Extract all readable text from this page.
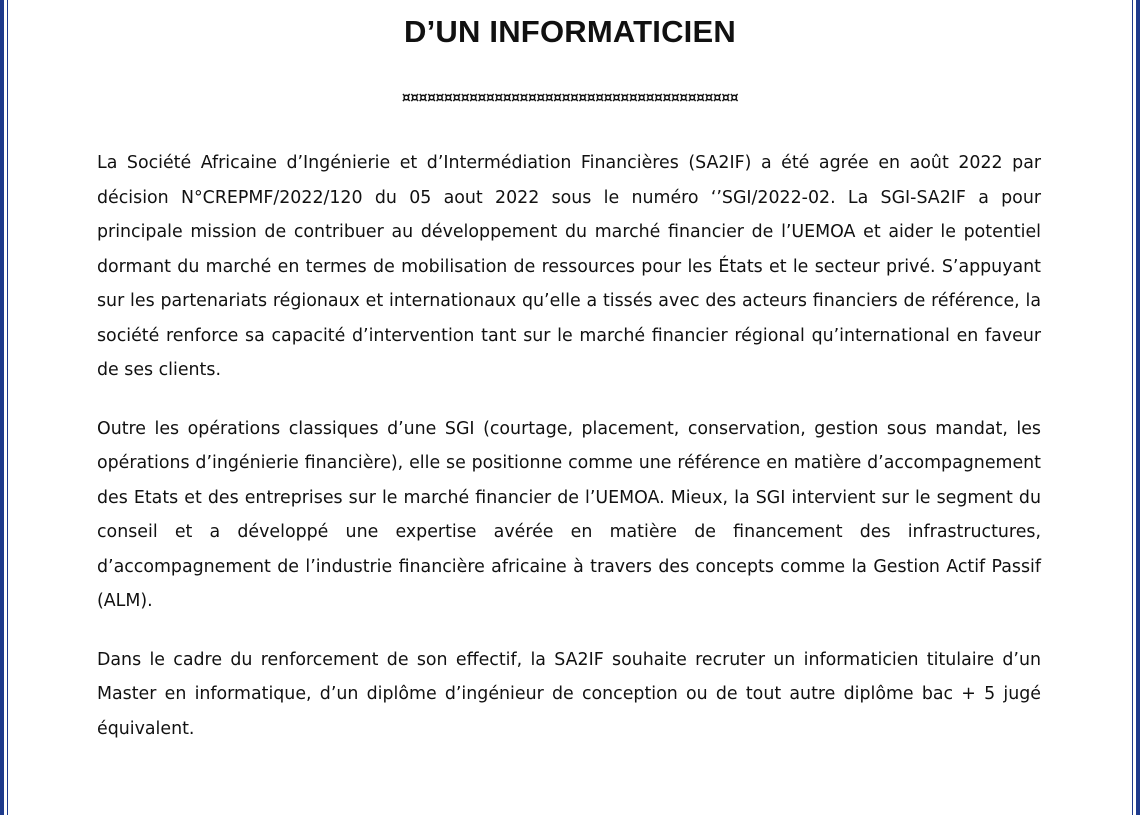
D’UN INFORMATICIEN
¤¤¤¤¤¤¤¤¤¤¤¤¤¤¤¤¤¤¤¤¤¤¤¤¤¤¤¤¤¤¤¤¤¤¤¤¤¤¤¤

La Société Africaine d’Ingénierie et d’Intermédiation Financières (SA2IF) a été agrée en août 2022 par décision N°CREPMF/2022/120 du 05 aout 2022 sous le numéro ‘’SGI/2022-02. La SGI-SA2IF a pour principale mission de contribuer au développement du marché financier de l’UEMOA et aider le potentiel dormant du marché en termes de mobilisation de ressources pour les États et le secteur privé. S’appuyant sur les partenariats régionaux et internationaux qu’elle a tissés avec des acteurs financiers de référence, la société renforce sa capacité d’intervention tant sur le marché financier régional qu’international en faveur de ses clients.

Outre les opérations classiques d’une SGI (courtage, placement, conservation, gestion sous mandat, les opérations d’ingénierie financière), elle se positionne comme une référence en matière d’accompagnement des Etats et des entreprises sur le marché financier de l’UEMOA. Mieux, la SGI intervient sur le segment du conseil et a développé une expertise avérée en matière de financement des infrastructures, d’accompagnement de l’industrie financière africaine à travers des concepts comme la Gestion Actif Passif (ALM).

Dans le cadre du renforcement de son effectif, la SA2IF souhaite recruter un informaticien titulaire d’un Master en informatique, d’un diplôme d’ingénieur de conception ou de tout autre diplôme bac + 5 jugé équivalent.
